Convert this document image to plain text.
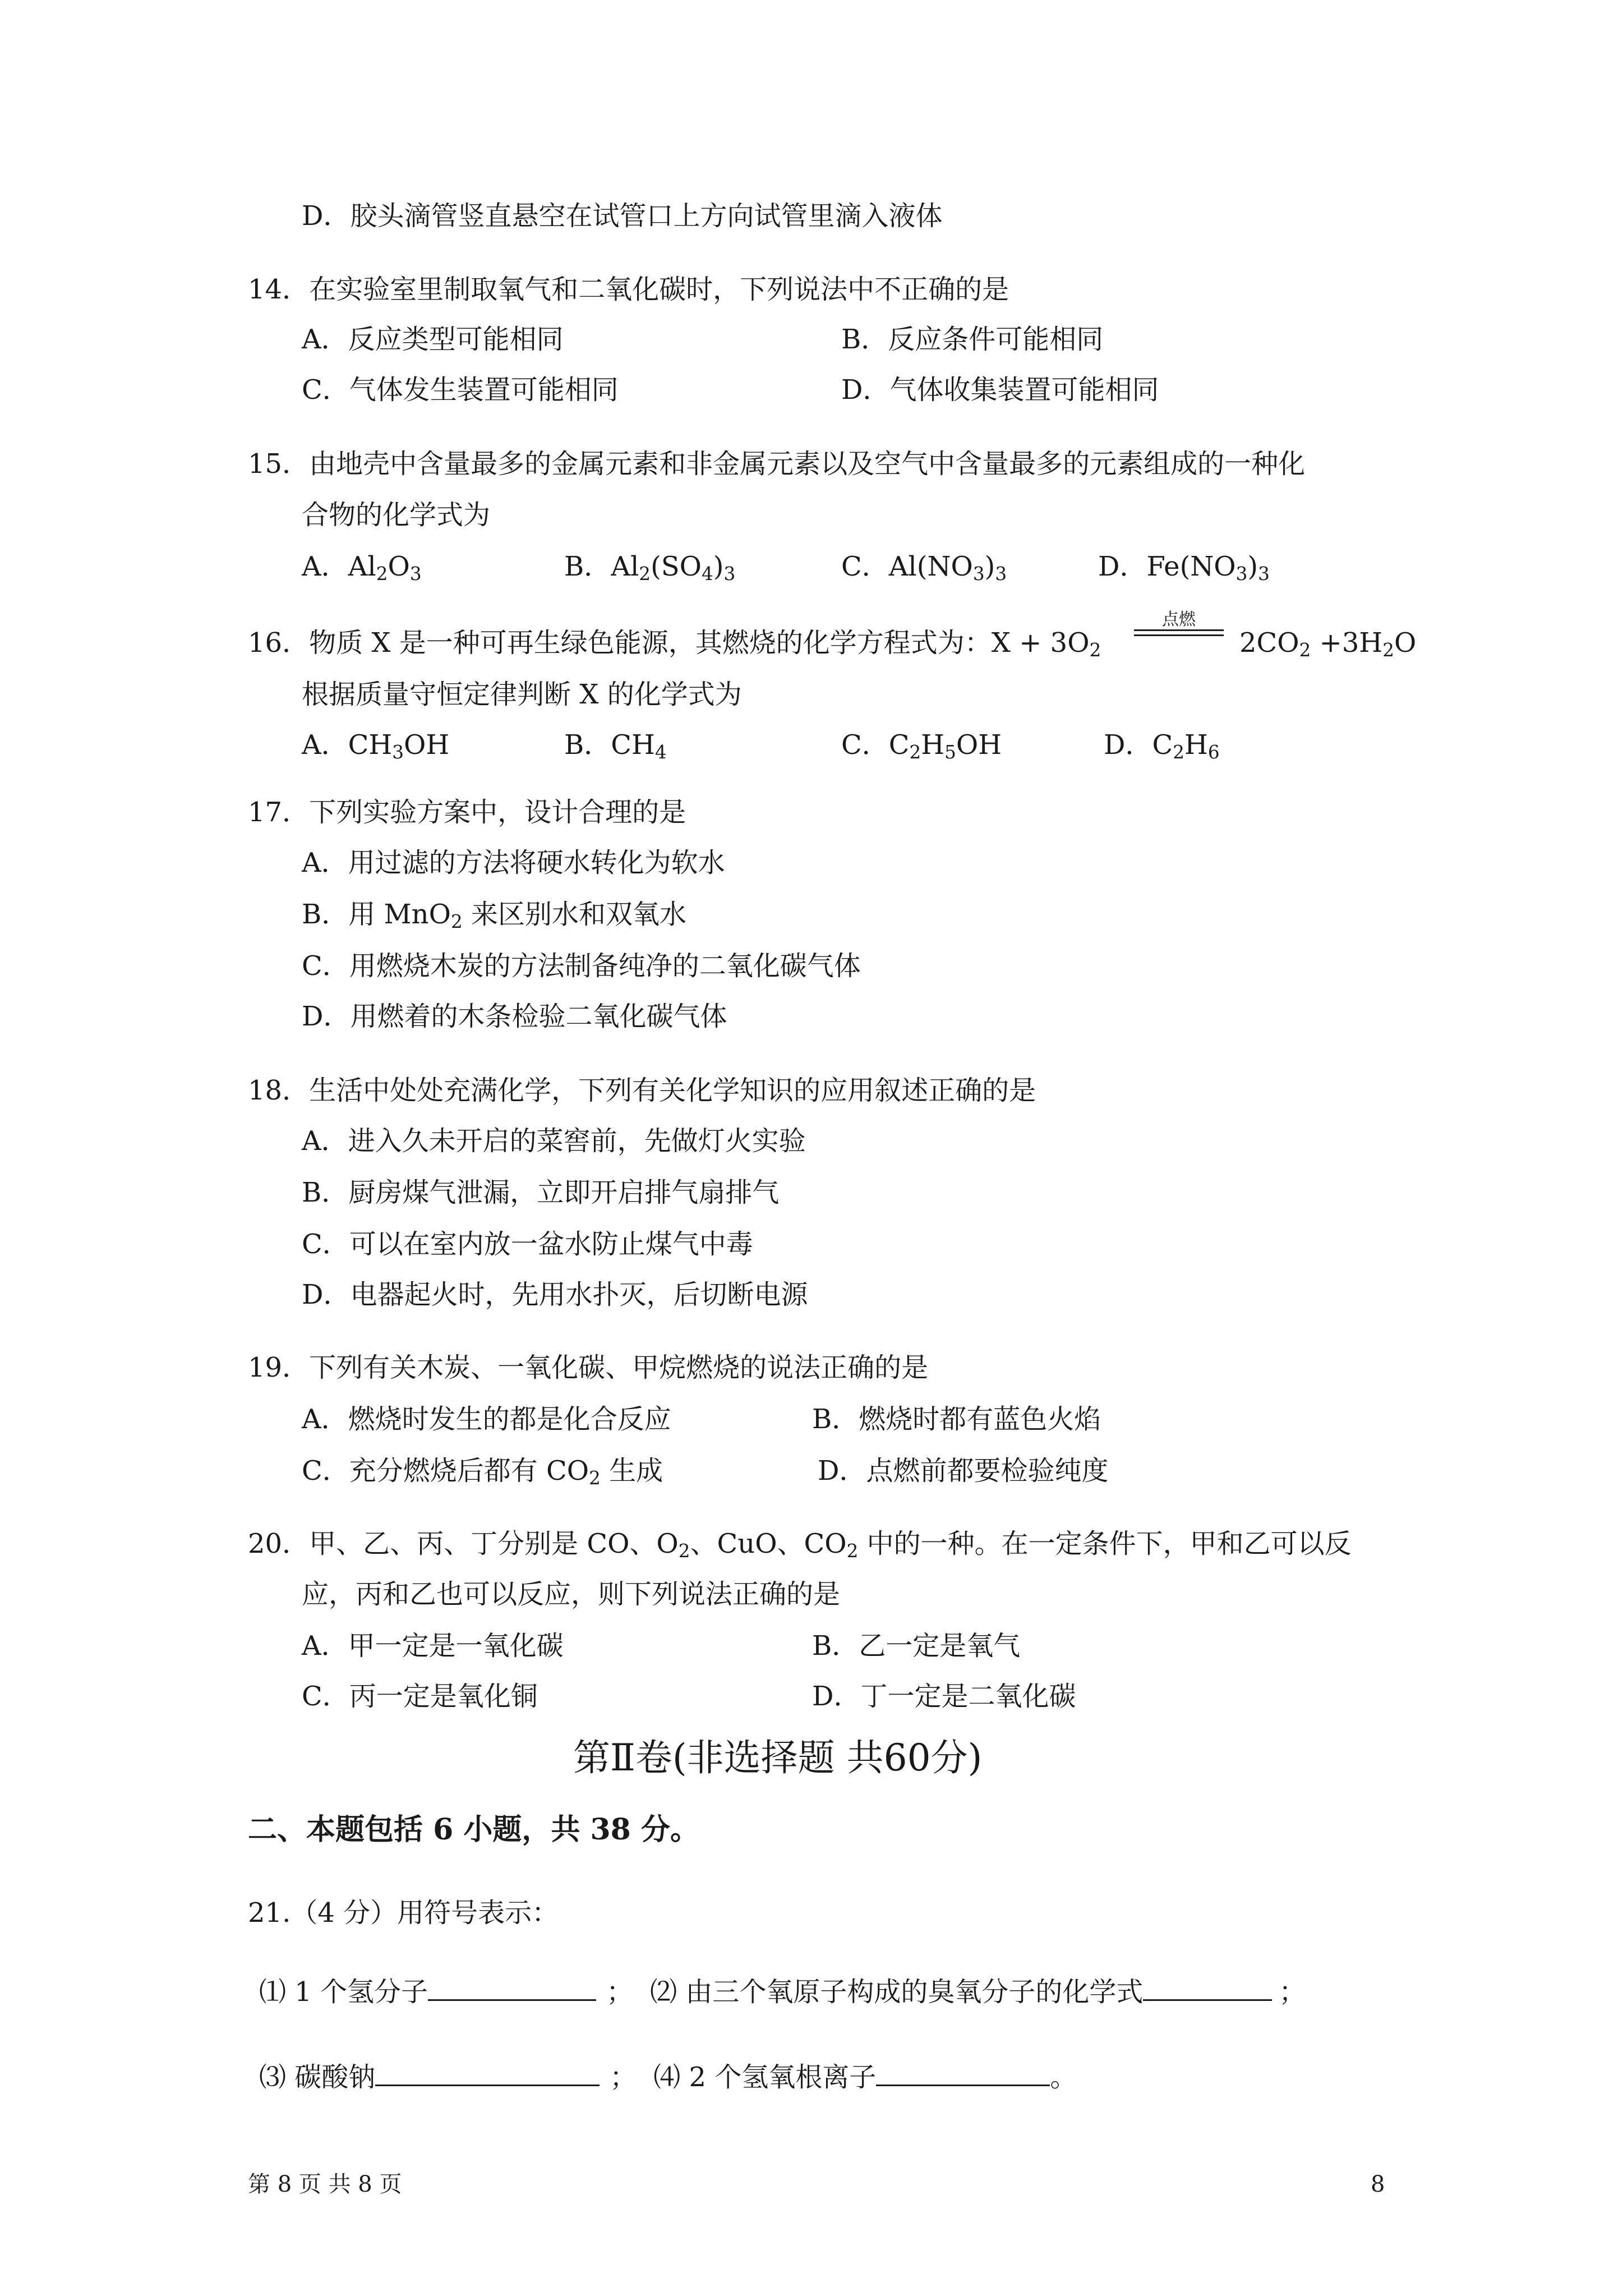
D．胶头滴管竖直悬空在试管口上方向试管里滴入液体
14．在实验室里制取氧气和二氧化碳时，下列说法中不正确的是
A．反应类型可能相同	B．反应条件可能相同
C．气体发生装置可能相同	D．气体收集装置可能相同
15．由地壳中含量最多的金属元素和非金属元素以及空气中含量最多的元素组成的一种化
合物的化学式为
A．$Al_2O_3$	B．$Al_2(SO_4)_3$	C．$Al(NO_3)_3$	D．$Fe(NO_3)_3$
16．物质 X 是一种可再生绿色能源，其燃烧的化学方程式为：$X + 3O_2$
点燃
$2CO_2 +3H_2O$
根据质量守恒定律判断 X 的化学式为
A．$CH_3OH$	B．$CH_4$	C．$C_2H_5OH$	D．$C_2H_6$
17．下列实验方案中，设计合理的是
A．用过滤的方法将硬水转化为软水
B．用 MnO$_2$ 来区别水和双氧水
C．用燃烧木炭的方法制备纯净的二氧化碳气体
D．用燃着的木条检验二氧化碳气体
18．生活中处处充满化学，下列有关化学知识的应用叙述正确的是
A．进入久未开启的菜窖前，先做灯火实验
B．厨房煤气泄漏，立即开启排气扇排气
C．可以在室内放一盆水防止煤气中毒
D．电器起火时，先用水扑灭，后切断电源
19．下列有关木炭、一氧化碳、甲烷燃烧的说法正确的是
A．燃烧时发生的都是化合反应	B．燃烧时都有蓝色火焰
C．充分燃烧后都有 $CO_2$ 生成	D．点燃前都要检验纯度
20．甲、乙、丙、丁分别是 CO、$O_2$、CuO、$CO_2$ 中的一种。在一定条件下，甲和乙可以反
应，丙和乙也可以反应，则下列说法正确的是
A．甲一定是一氧化碳	B．乙一定是氧气
C．丙一定是氧化铜	D．丁一定是二氧化碳
第Ⅱ卷(非选择题 共60分)
二、本题包括 6 小题，共 38 分。
21.（4 分）用符号表示：
⑴ 1 个氢分子	； ⑵ 由三个氧原子构成的臭氧分子的化学式	；
⑶ 碳酸钠	； ⑷ 2 个氢氧根离子	。
第 8 页 共 8 页	8
